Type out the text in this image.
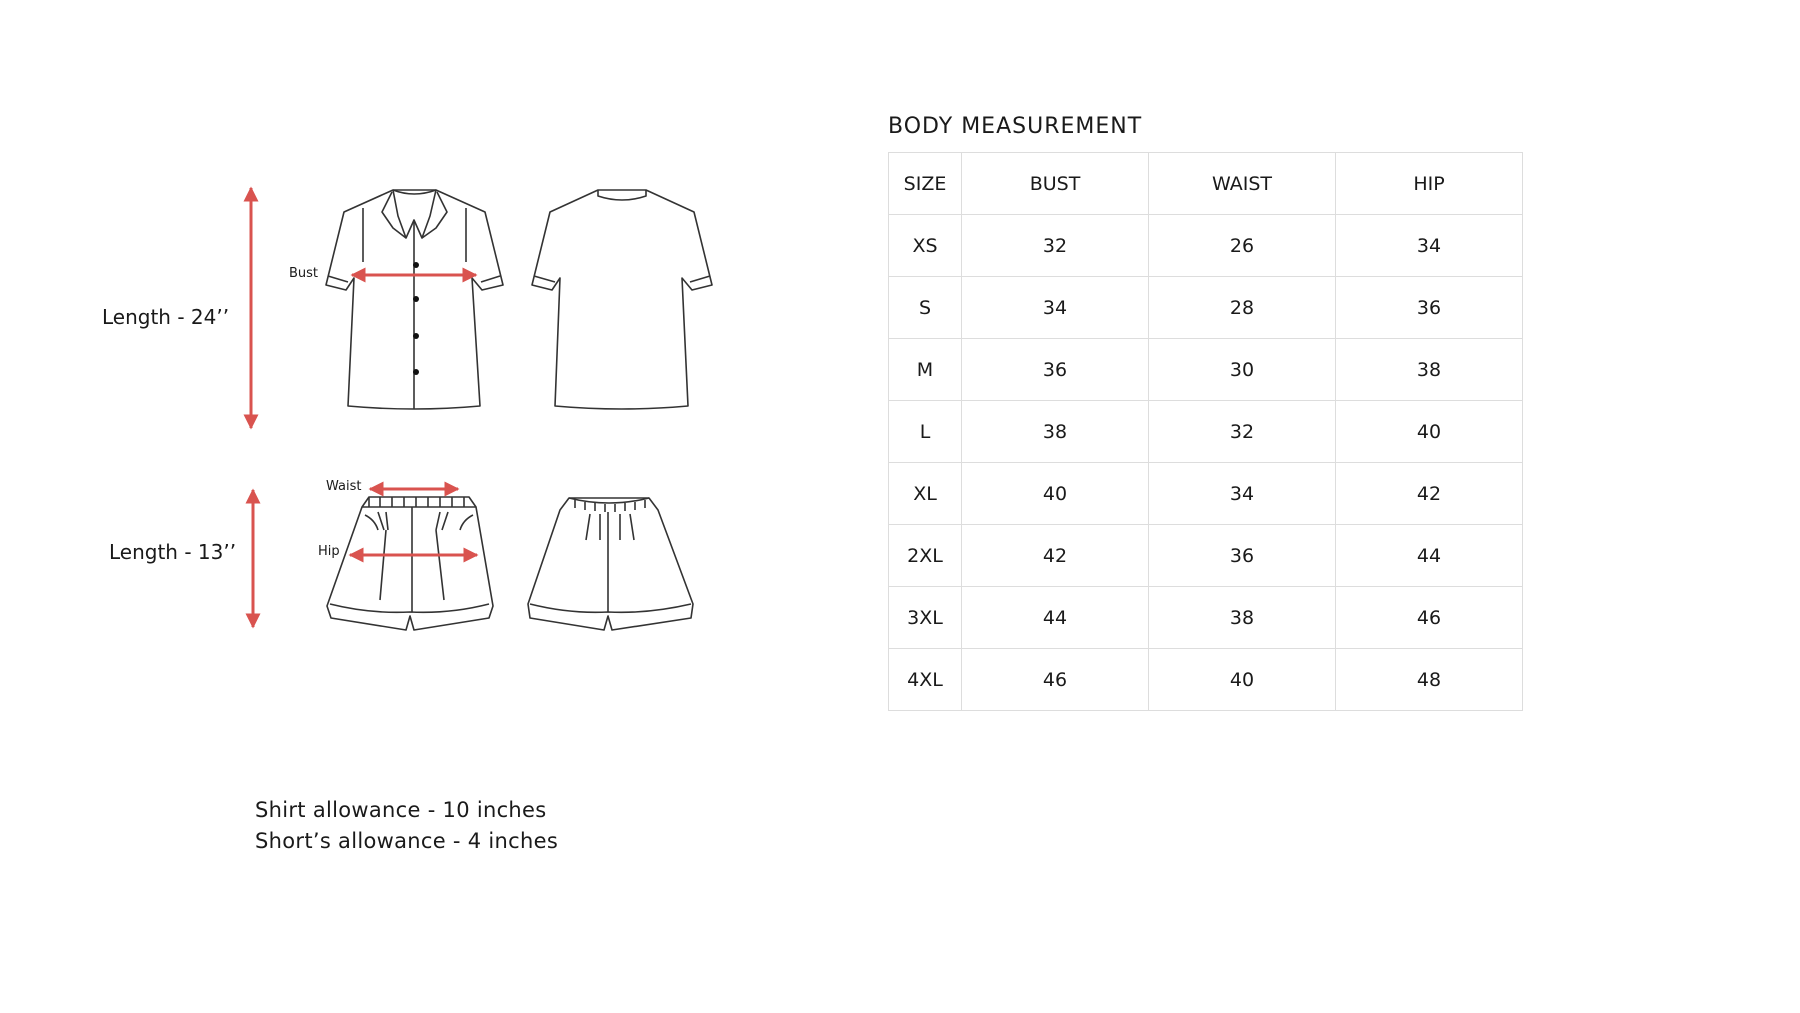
Length - 24’’
Bust
Waist
Hip
Length - 13’’
Shirt allowance - 10 inches
Short’s allowance - 4 inches
BODY MEASUREMENT
SIZE	BUST	WAIST	HIP
XS	32	26	34
S	34	28	36
M	36	30	38
L	38	32	40
XL	40	34	42
2XL	42	36	44
3XL	44	38	46
4XL	46	40	48
